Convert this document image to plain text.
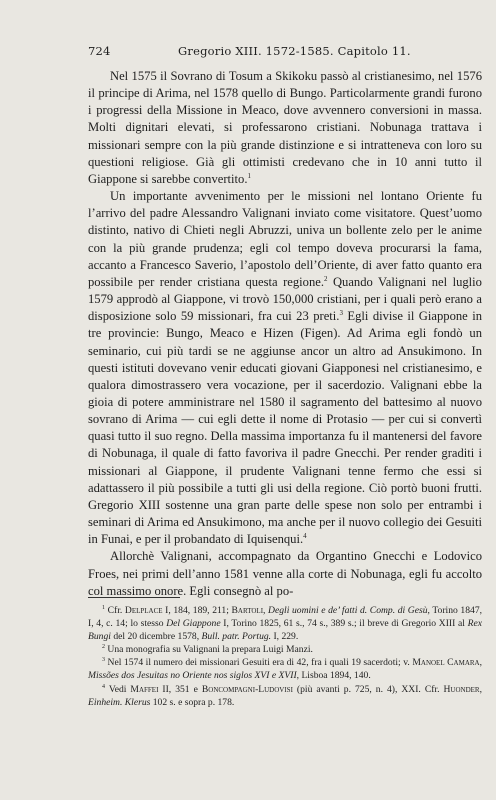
724	Gregorio XIII. 1572-1585. Capitolo 11.

Nel 1575 il Sovrano di Tosum a Skikoku passò al cristianesimo, nel 1576 il principe di Arima, nel 1578 quello di Bungo. Particolarmente grandi furono i progressi della Missione in Meaco, dove avvennero conversioni in massa. Molti dignitari elevati, si professarono cristiani. Nobunaga trattava i missionari sempre con la più grande distinzione e si intratteneva con loro su questioni religiose. Già gli ottimisti credevano che in 10 anni tutto il Giappone si sarebbe convertito.$^1$

Un importante avvenimento per le missioni nel lontano Oriente fu l’arrivo del padre Alessandro Valignani inviato come visitatore. Quest’uomo distinto, nativo di Chieti negli Abruzzi, univa un bollente zelo per le anime con la più grande prudenza; egli col tempo doveva procurarsi la fama, accanto a Francesco Saverio, l’apostolo dell’Oriente, di aver fatto quanto era possibile per render cristiana questa regione.$^2$ Quando Valignani nel luglio 1579 approdò al Giappone, vi trovò 150,000 cristiani, per i quali però erano a disposizione solo 59 missionari, fra cui 23 preti.$^3$ Egli divise il Giappone in tre provincie: Bungo, Meaco e Hizen (Figen). Ad Arima egli fondò un seminario, cui più tardi se ne aggiunse ancor un altro ad Ansukimono. In questi istituti dovevano venir educati giovani Giapponesi nel cristianesimo, e qualora dimostrassero vera vocazione, per il sacerdozio. Valignani ebbe la gioia di potere amministrare nel 1580 il sagramento del battesimo al nuovo sovrano di Arima — cui egli dette il nome di Protasio — per cui si convertì quasi tutto il suo regno. Della massima importanza fu il mantenersi del favore di Nobunaga, il quale di fatto favoriva il padre Gnecchi. Per render graditi i missionari al Giappone, il prudente Valignani tenne fermo che essi si adattassero il più possibile a tutti gli usi della regione. Ciò portò buoni frutti. Gregorio XIII sostenne una gran parte delle spese non solo per entrambi i seminari di Arima ed Ansukimono, ma anche per il nuovo collegio dei Gesuiti in Funai, e per il probandato di Iquisenqui.$^4$

Allorchè Valignani, accompagnato da Organtino Gnecchi e Lodovico Froes, nei primi dell’anno 1581 venne alla corte di Nobunaga, egli fu accolto col massimo onore. Egli consegnò al po-

$^1$ Cfr. Delplace I, 184, 189, 211; Bartoli, Degli uomini e de’ fatti d. Comp. di Gesù, Torino 1847, I, 4, c. 14; lo stesso Del Giappone I, Torino 1825, 61 s., 74 s., 389 s.; il breve di Gregorio XIII al Rex Bungi del 20 dicembre 1578, Bull. patr. Portug. I, 229.

$^2$ Una monografia su Valignani la prepara Luigi Manzi.

$^3$ Nel 1574 il numero dei missionari Gesuiti era di 42, fra i quali 19 sacerdoti; v. Manoel Camara, Missões dos Jesuitas no Oriente nos siglos XVI e XVII, Lisboa 1894, 140.

$^4$ Vedi Maffei II, 351 e Boncompagni-Ludovisi (più avanti p. 725, n. 4), XXI. Cfr. Huonder, Einheim. Klerus 102 s. e sopra p. 178.
